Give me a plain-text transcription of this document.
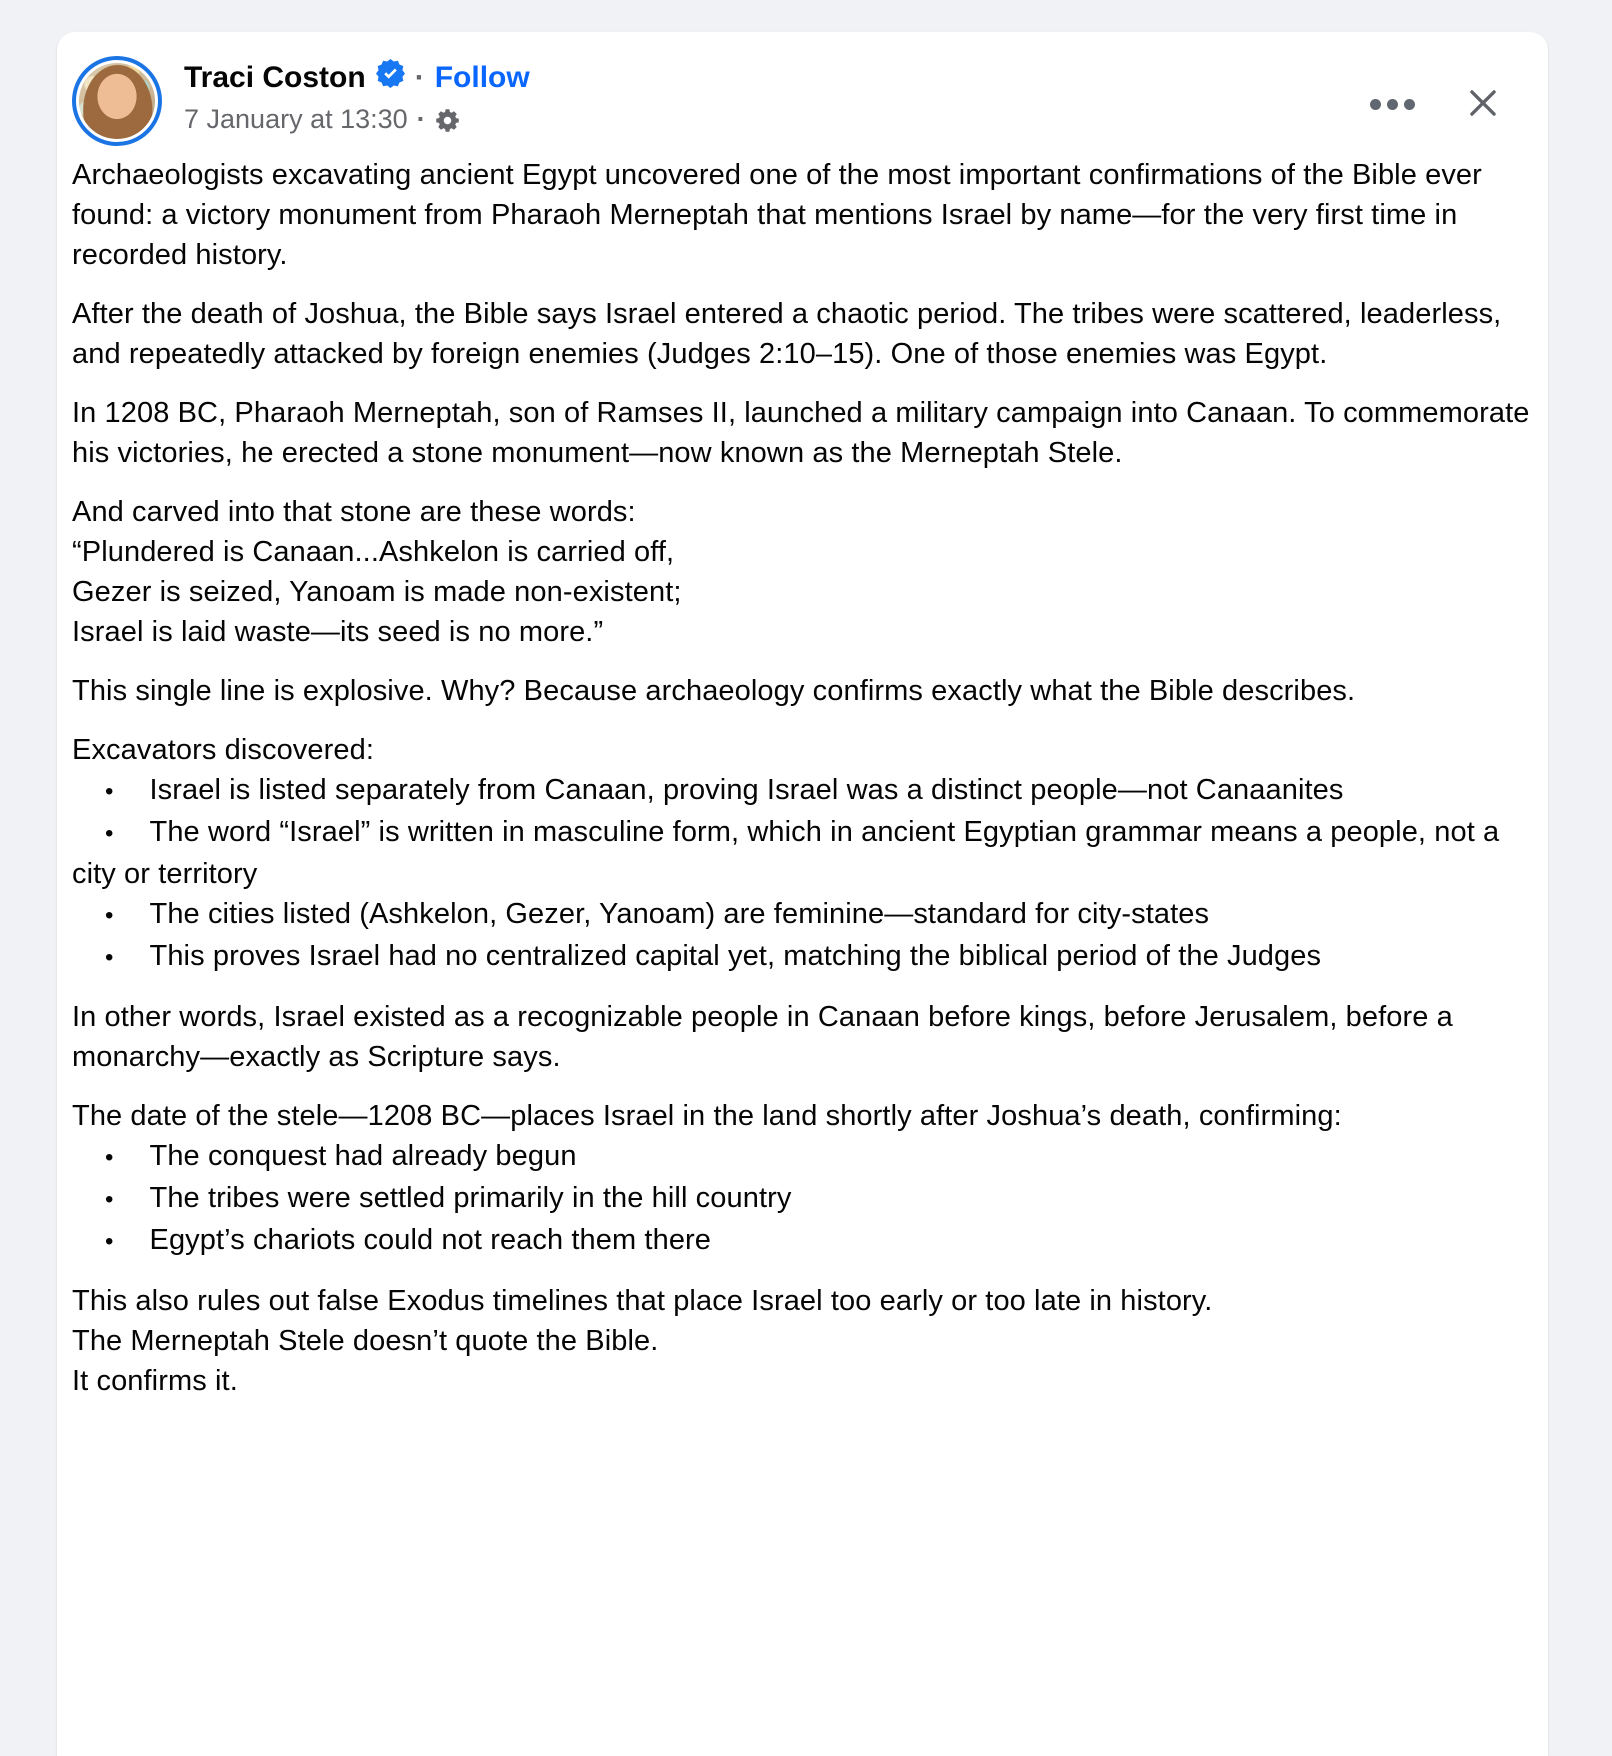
Traci Coston · Follow
7 January at 13:30 ·

Archaeologists excavating ancient Egypt uncovered one of the most important confirmations of the Bible ever found: a victory monument from Pharaoh Merneptah that mentions Israel by name—for the very first time in recorded history.

After the death of Joshua, the Bible says Israel entered a chaotic period. The tribes were scattered, leaderless, and repeatedly attacked by foreign enemies (Judges 2:10–15). One of those enemies was Egypt.

In 1208 BC, Pharaoh Merneptah, son of Ramses II, launched a military campaign into Canaan. To commemorate his victories, he erected a stone monument—now known as the Merneptah Stele.

And carved into that stone are these words:
“Plundered is Canaan...Ashkelon is carried off,
Gezer is seized, Yanoam is made non-existent;
Israel is laid waste—its seed is no more.”

This single line is explosive. Why? Because archaeology confirms exactly what the Bible describes.

Excavators discovered:
• Israel is listed separately from Canaan, proving Israel was a distinct people—not Canaanites
• The word “Israel” is written in masculine form, which in ancient Egyptian grammar means a people, not a city or territory
• The cities listed (Ashkelon, Gezer, Yanoam) are feminine—standard for city-states
• This proves Israel had no centralized capital yet, matching the biblical period of the Judges

In other words, Israel existed as a recognizable people in Canaan before kings, before Jerusalem, before a monarchy—exactly as Scripture says.

The date of the stele—1208 BC—places Israel in the land shortly after Joshua’s death, confirming:
• The conquest had already begun
• The tribes were settled primarily in the hill country
• Egypt’s chariots could not reach them there
This also rules out false Exodus timelines that place Israel too early or too late in history.
The Merneptah Stele doesn’t quote the Bible.
It confirms it.
